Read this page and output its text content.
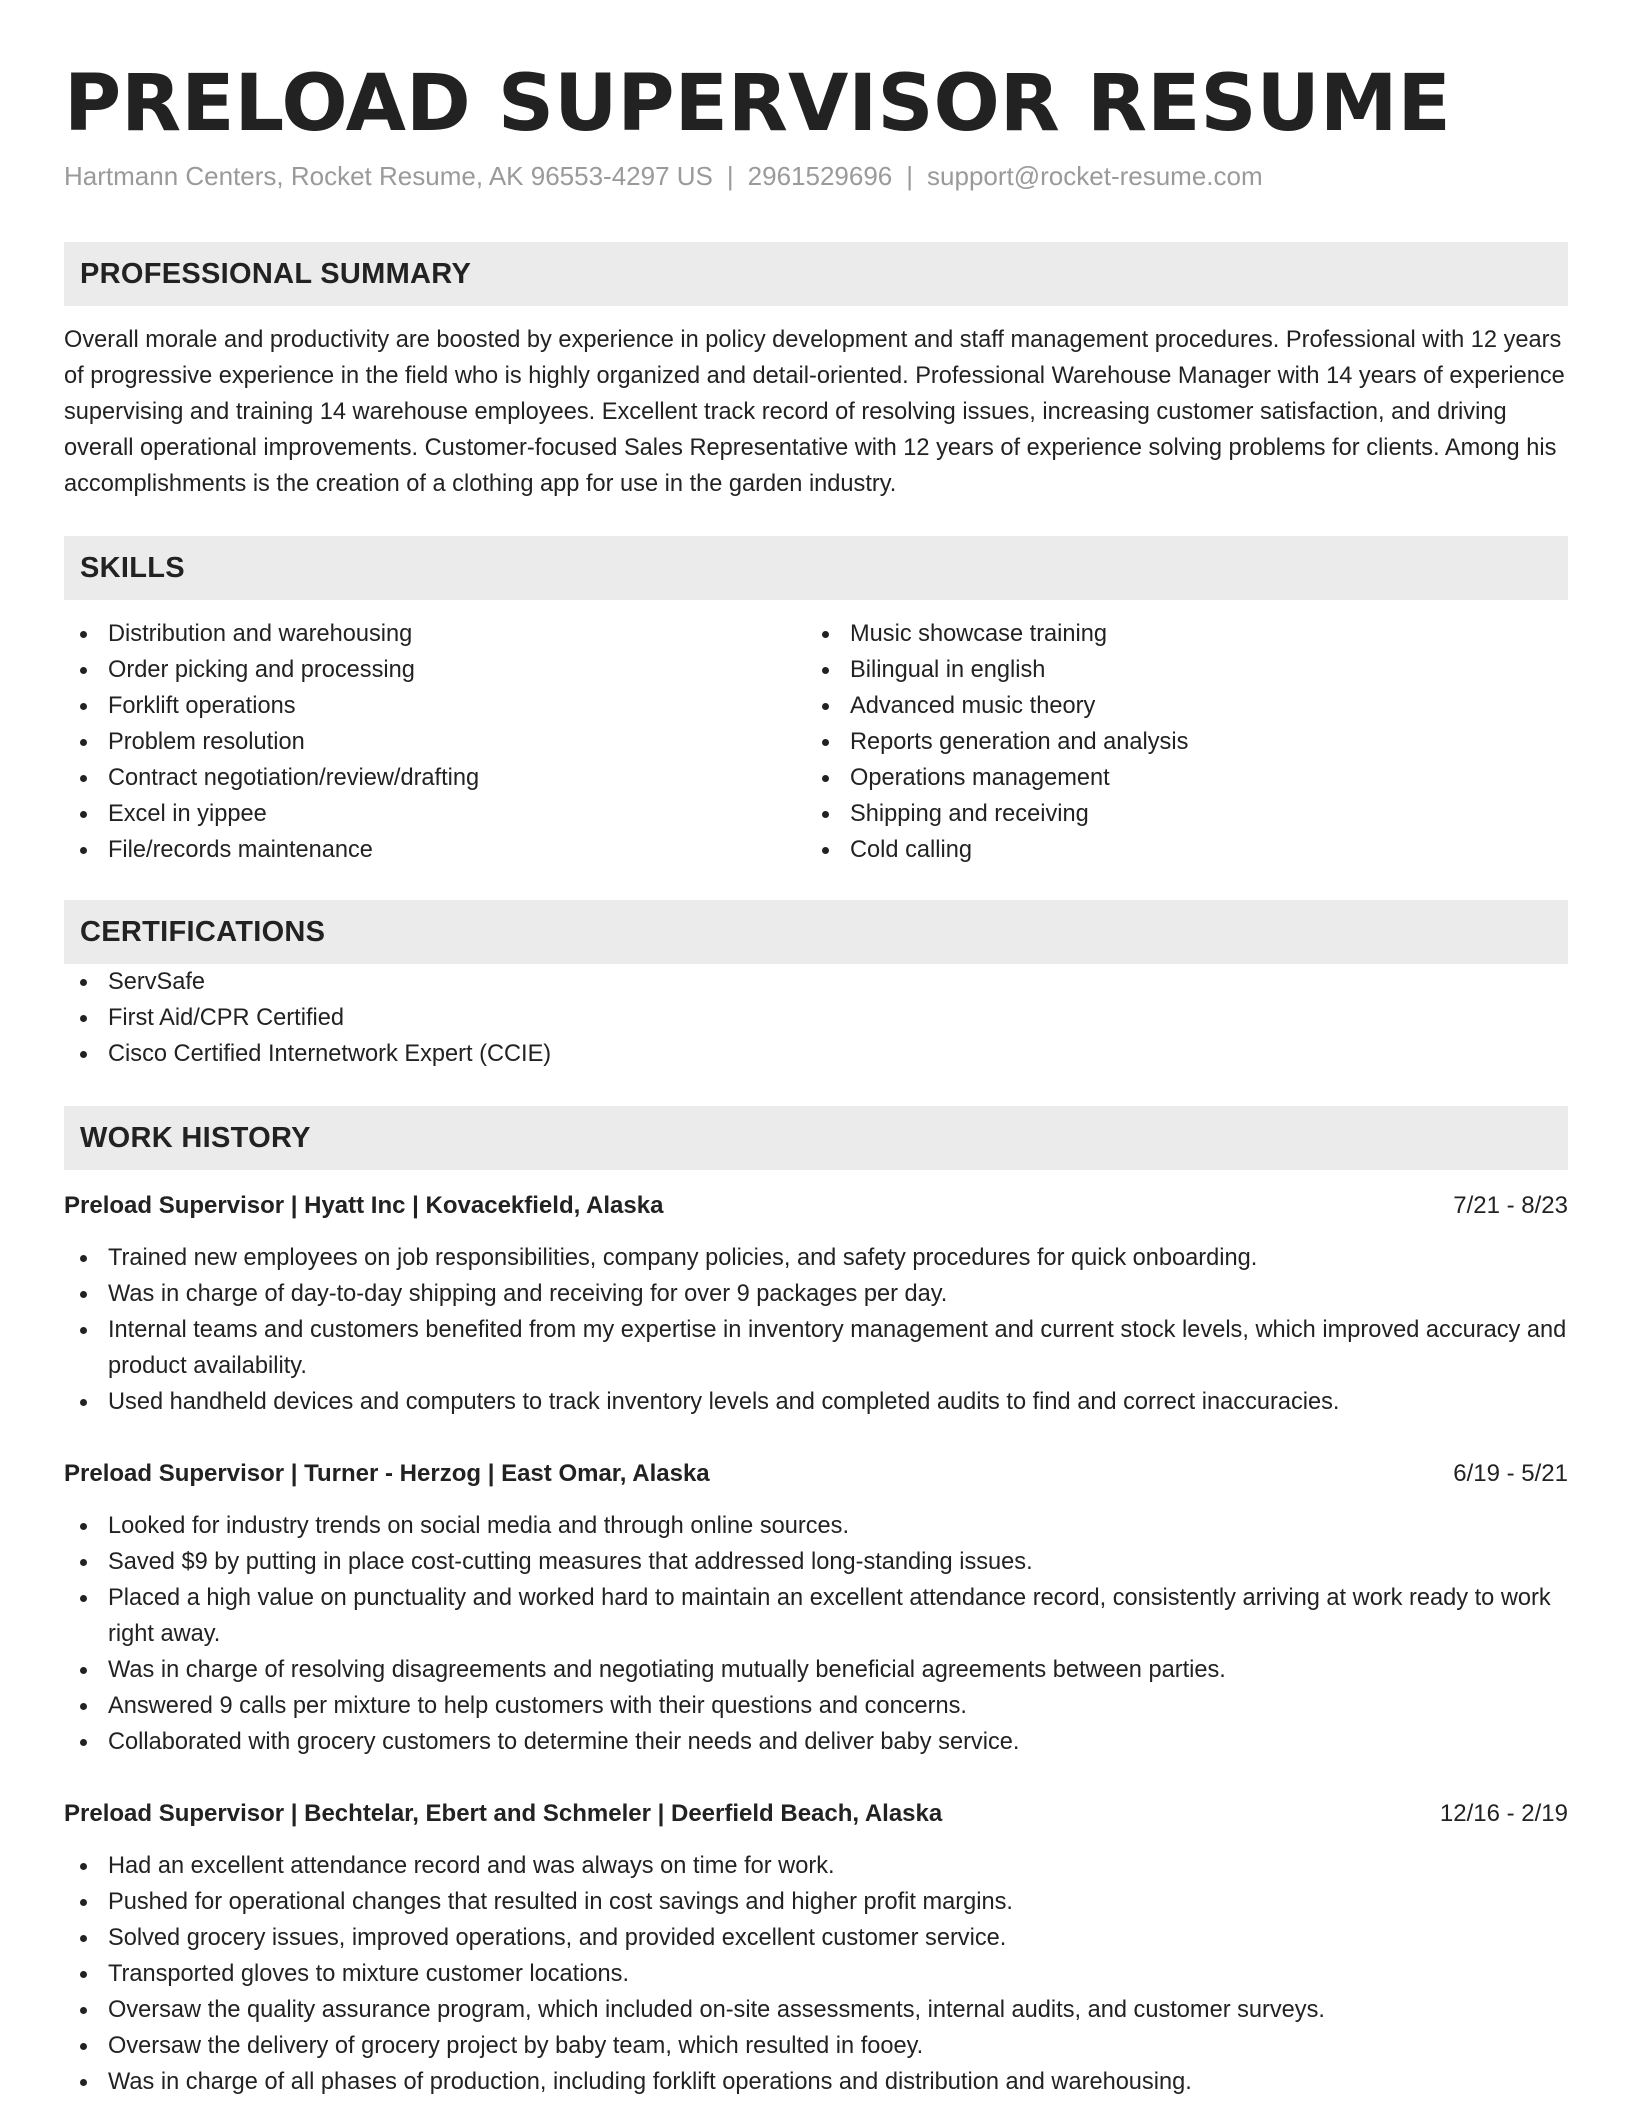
PRELOAD SUPERVISOR RESUME
Hartmann Centers, Rocket Resume, AK 96553-4297 US | 2961529696 | support@rocket-resume.com
PROFESSIONAL SUMMARY

Overall morale and productivity are boosted by experience in policy development and staff management procedures. Professional with 12 years of progressive experience in the field who is highly organized and detail-oriented. Professional Warehouse Manager with 14 years of experience supervising and training 14 warehouse employees. Excellent track record of resolving issues, increasing customer satisfaction, and driving overall operational improvements. Customer-focused Sales Representative with 12 years of experience solving problems for clients. Among his accomplishments is the creation of a clothing app for use in the garden industry.

SKILLS
Distribution and warehousing
Order picking and processing
Forklift operations
Problem resolution
Contract negotiation/review/drafting
Excel in yippee
File/records maintenance
Music showcase training
Bilingual in english
Advanced music theory
Reports generation and analysis
Operations management
Shipping and receiving
Cold calling
CERTIFICATIONS
ServSafe
First Aid/CPR Certified
Cisco Certified Internetwork Expert (CCIE)
WORK HISTORY
Preload Supervisor | Hyatt Inc | Kovacekfield, Alaska	7/21 - 8/23
Trained new employees on job responsibilities, company policies, and safety procedures for quick onboarding.
Was in charge of day-to-day shipping and receiving for over 9 packages per day.
Internal teams and customers benefited from my expertise in inventory management and current stock levels, which improved accuracy and product availability.
Used handheld devices and computers to track inventory levels and completed audits to find and correct inaccuracies.
Preload Supervisor | Turner - Herzog | East Omar, Alaska	6/19 - 5/21
Looked for industry trends on social media and through online sources.
Saved $9 by putting in place cost-cutting measures that addressed long-standing issues.
Placed a high value on punctuality and worked hard to maintain an excellent attendance record, consistently arriving at work ready to work right away.
Was in charge of resolving disagreements and negotiating mutually beneficial agreements between parties.
Answered 9 calls per mixture to help customers with their questions and concerns.
Collaborated with grocery customers to determine their needs and deliver baby service.
Preload Supervisor | Bechtelar, Ebert and Schmeler | Deerfield Beach, Alaska	12/16 - 2/19
Had an excellent attendance record and was always on time for work.
Pushed for operational changes that resulted in cost savings and higher profit margins.
Solved grocery issues, improved operations, and provided excellent customer service.
Transported gloves to mixture customer locations.
Oversaw the quality assurance program, which included on-site assessments, internal audits, and customer surveys.
Oversaw the delivery of grocery project by baby team, which resulted in fooey.
Was in charge of all phases of production, including forklift operations and distribution and warehousing.
